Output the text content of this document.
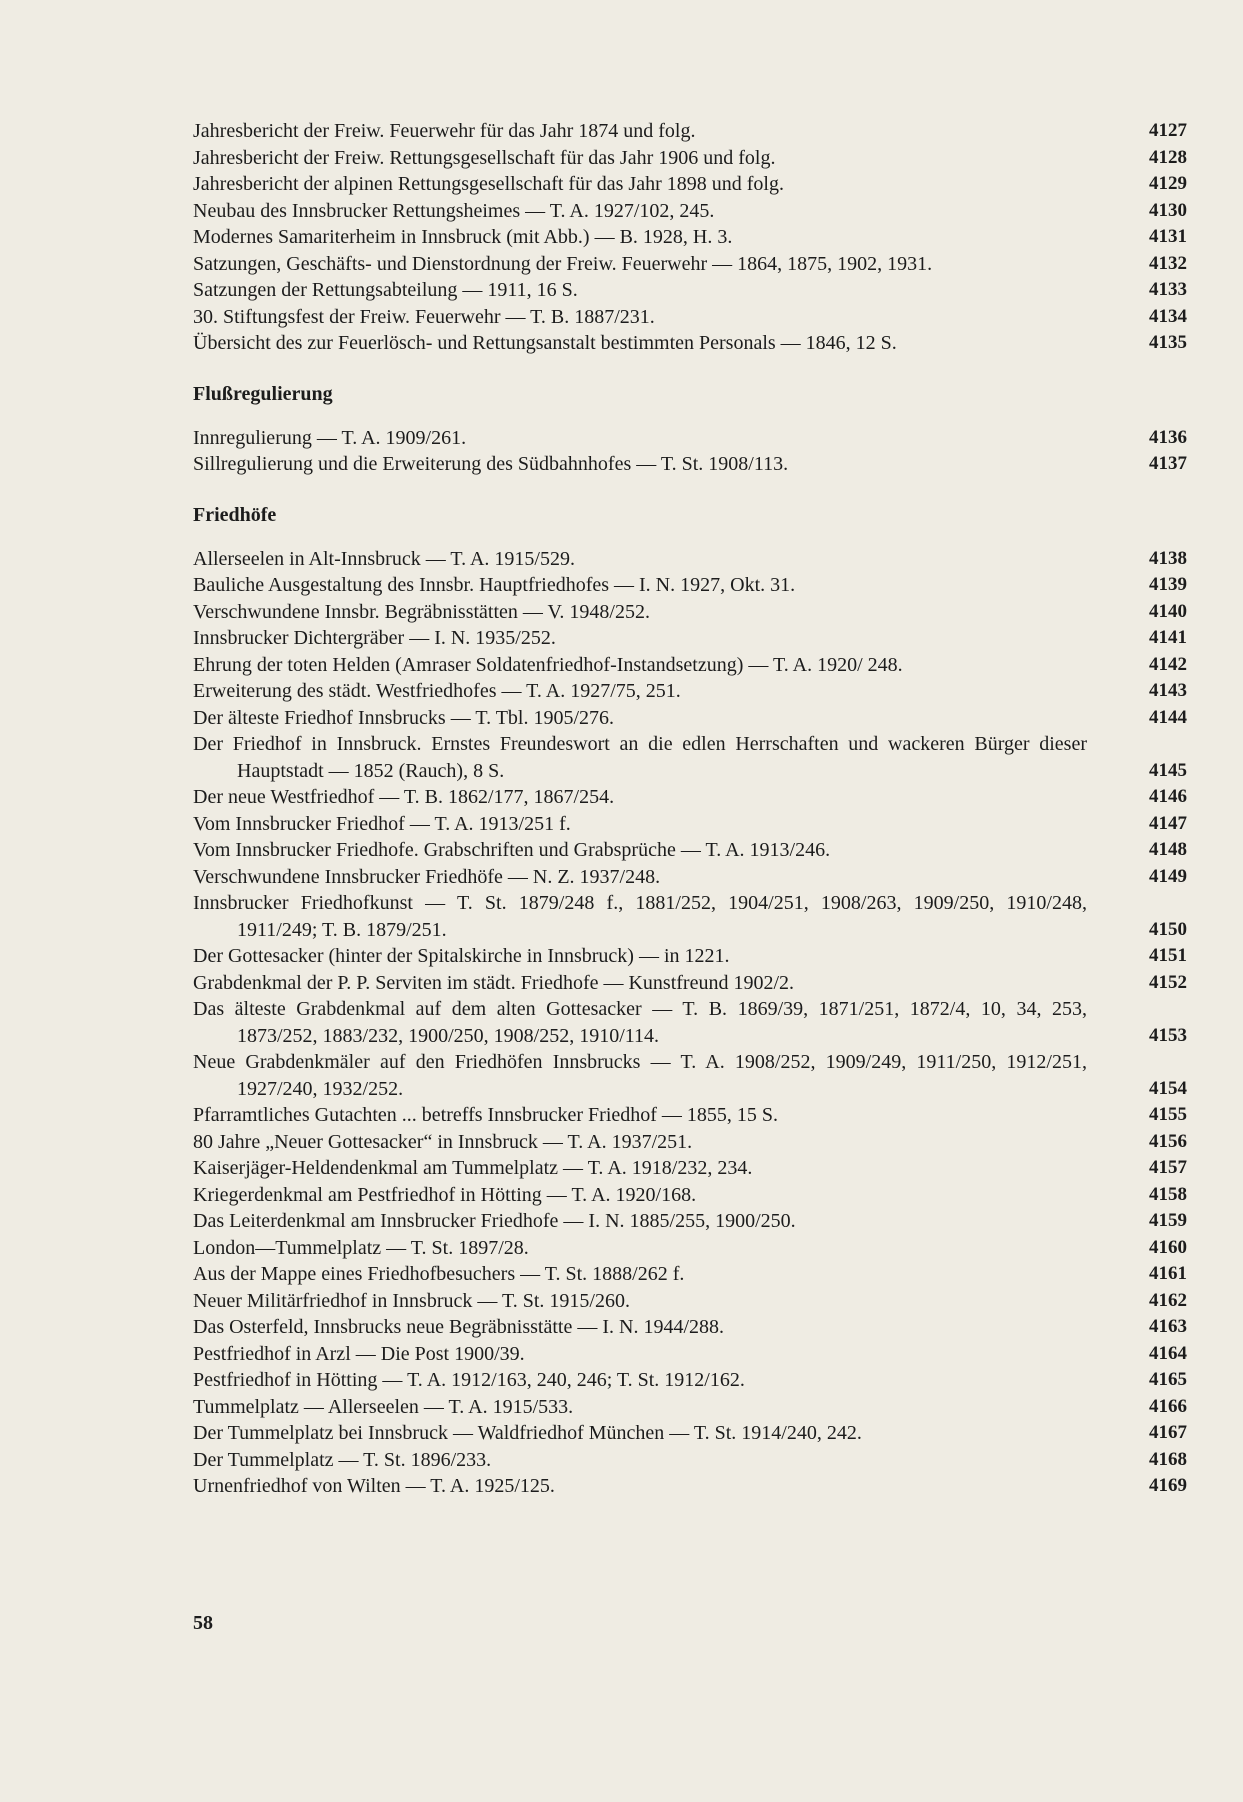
Jahresbericht der Freiw. Feuerwehr für das Jahr 1874 und folg.	4127
Jahresbericht der Freiw. Rettungsgesellschaft für das Jahr 1906 und folg.	4128
Jahresbericht der alpinen Rettungsgesellschaft für das Jahr 1898 und folg.	4129
Neubau des Innsbrucker Rettungsheimes — T. A. 1927/102, 245.	4130
Modernes Samariterheim in Innsbruck (mit Abb.) — B. 1928, H. 3.	4131
Satzungen, Geschäfts- und Dienstordnung der Freiw. Feuerwehr — 1864, 1875, 1902, 1931.	4132
Satzungen der Rettungsabteilung — 1911, 16 S.	4133
30. Stiftungsfest der Freiw. Feuerwehr — T. B. 1887/231.	4134
Übersicht des zur Feuerlösch- und Rettungsanstalt bestimmten Personals — 1846, 12 S.	4135
Flußregulierung
Innregulierung — T. A. 1909/261.	4136
Sillregulierung und die Erweiterung des Südbahnhofes — T. St. 1908/113.	4137
Friedhöfe
Allerseelen in Alt-Innsbruck — T. A. 1915/529.	4138
Bauliche Ausgestaltung des Innsbr. Hauptfriedhofes — I. N. 1927, Okt. 31.	4139
Verschwundene Innsbr. Begräbnisstätten — V. 1948/252.	4140
Innsbrucker Dichtergräber — I. N. 1935/252.	4141
Ehrung der toten Helden (Amraser Soldatenfriedhof-Instandsetzung) — T. A. 1920/ 248.	4142
Erweiterung des städt. Westfriedhofes — T. A. 1927/75, 251.	4143
Der älteste Friedhof Innsbrucks — T. Tbl. 1905/276.	4144
Der Friedhof in Innsbruck. Ernstes Freundeswort an die edlen Herrschaften und wackeren Bürger dieser Hauptstadt — 1852 (Rauch), 8 S.	4145
Der neue Westfriedhof — T. B. 1862/177, 1867/254.	4146
Vom Innsbrucker Friedhof — T. A. 1913/251 f.	4147
Vom Innsbrucker Friedhofe. Grabschriften und Grabsprüche — T. A. 1913/246.	4148
Verschwundene Innsbrucker Friedhöfe — N. Z. 1937/248.	4149
Innsbrucker Friedhofkunst — T. St. 1879/248 f., 1881/252, 1904/251, 1908/263, 1909/250, 1910/248, 1911/249; T. B. 1879/251.	4150
Der Gottesacker (hinter der Spitalskirche in Innsbruck) — in 1221.	4151
Grabdenkmal der P. P. Serviten im städt. Friedhofe — Kunstfreund 1902/2.	4152
Das älteste Grabdenkmal auf dem alten Gottesacker — T. B. 1869/39, 1871/251, 1872/4, 10, 34, 253, 1873/252, 1883/232, 1900/250, 1908/252, 1910/114.	4153
Neue Grabdenkmäler auf den Friedhöfen Innsbrucks — T. A. 1908/252, 1909/249, 1911/250, 1912/251, 1927/240, 1932/252.	4154
Pfarramtliches Gutachten ... betreffs Innsbrucker Friedhof — 1855, 15 S.	4155
80 Jahre „Neuer Gottesacker“ in Innsbruck — T. A. 1937/251.	4156
Kaiserjäger-Heldendenkmal am Tummelplatz — T. A. 1918/232, 234.	4157
Kriegerdenkmal am Pestfriedhof in Hötting — T. A. 1920/168.	4158
Das Leiterdenkmal am Innsbrucker Friedhofe — I. N. 1885/255, 1900/250.	4159
London—Tummelplatz — T. St. 1897/28.	4160
Aus der Mappe eines Friedhofbesuchers — T. St. 1888/262 f.	4161
Neuer Militärfriedhof in Innsbruck — T. St. 1915/260.	4162
Das Osterfeld, Innsbrucks neue Begräbnisstätte — I. N. 1944/288.	4163
Pestfriedhof in Arzl — Die Post 1900/39.	4164
Pestfriedhof in Hötting — T. A. 1912/163, 240, 246; T. St. 1912/162.	4165
Tummelplatz — Allerseelen — T. A. 1915/533.	4166
Der Tummelplatz bei Innsbruck — Waldfriedhof München — T. St. 1914/240, 242.	4167
Der Tummelplatz — T. St. 1896/233.	4168
Urnenfriedhof von Wilten — T. A. 1925/125.	4169
58
